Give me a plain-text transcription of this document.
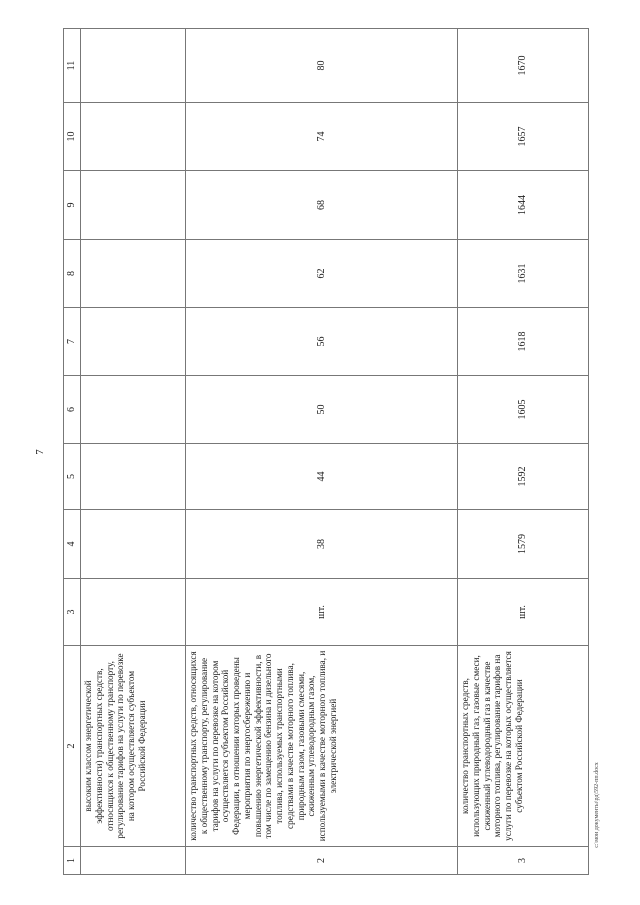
7
1	2	3	4	5	6	7	8	9	10	11
	высоким классом энергетической эффективности) транспортных средств, относящихся к общественному транспорту, регулирование тарифов на услуги по перевозке на котором осуществляется субъектом Российской Федерации									
2	количество транспортных средств, относящихся к общественному транспорту, регулирование тарифов на услуги по перевозке на котором осуществляется субъектом Российской Федерации, в отношении которых проведены мероприятия по энергосбережению и повышению энергетической эффективности, в том числе по замещению бензина и дизельного топлива, используемых транспортными средствами в качестве моторного топлива, природным газом, газовыми смесями, сжиженным углеводородным газом, используемыми в качестве моторного топлива, и электрической энергией	шт.	38	44	50	56	62	68	74	80
3	количество транспортных средств, использующих природный газ, газовые смеси, сжиженный углеводородный газ в качестве моторного топлива, регулирование тарифов на услуги по перевозке на которых осуществляется субъектом Российской Федерации	шт.	1579	1592	1605	1618	1631	1644	1657	1670
c:\мои документы\рд\592-пп.docx
